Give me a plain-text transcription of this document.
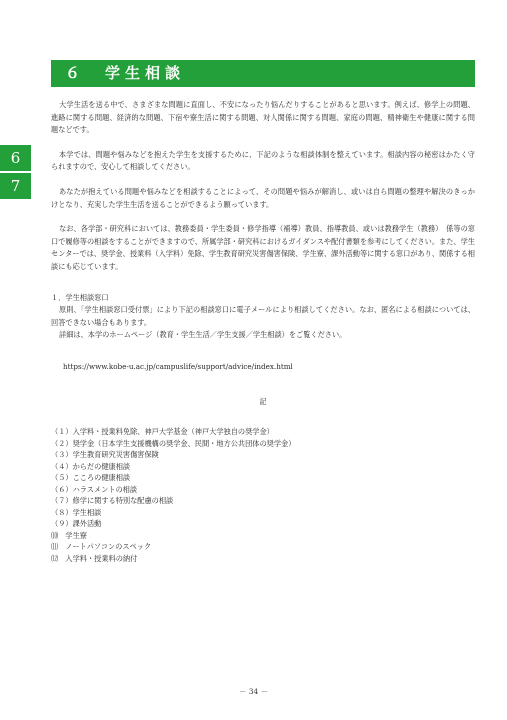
６　学生相談
6
7

大学生活を送る中で、さまざまな問題に直面し、不安になったり悩んだりすることがあると思います。例えば、修学上の問題、進路に関する問題、経済的な問題、下宿や寮生活に関する問題、対人関係に関する問題、家庭の問題、精神衛生や健康に関する問題などです。

本学では、問題や悩みなどを抱えた学生を支援するために、下記のような相談体制を整えています。相談内容の秘密はかたく守られますので、安心して相談してください。

あなたが抱えている問題や悩みなどを相談することによって、その問題や悩みが解消し、或いは自ら問題の整理や解決のきっかけとなり、充実した学生生活を送ることができるよう願っています。

なお、各学部・研究科においては、教務委員・学生委員・修学指導（補導）教員、指導教員、或いは教務学生（教務）　係等の窓口で履修等の相談をすることができますので、所属学部・研究科におけるガイダンスや配付書類を参考にしてください。また、学生センターでは、奨学金、授業料（入学料）免除、学生教育研究災害傷害保険、学生寮、課外活動等に関する窓口があり、関係する相談にも応じています。

１．学生相談窓口

原則、「学生相談窓口受付票」により下記の相談窓口に電子メールにより相談してください。なお、匿名による相談については、回答できない場合もあります。

詳細は、本学のホームページ（教育・学生生活／学生支援／学生相談）をご覧ください。

https://www.kobe-u.ac.jp/campuslife/support/advice/index.html
記
（１）入学料・授業料免除、神戸大学基金（神戸大学独自の奨学金）
（２）奨学金（日本学生支援機構の奨学金、民間・地方公共団体の奨学金）
（３）学生教育研究災害傷害保険
（４）からだの健康相談
（５）こころの健康相談
（６）ハラスメントの相談
（７）修学に関する特別な配慮の相談
（８）学生相談
（９）課外活動
⑽　学生寮
⑾　ノートパソコンのスペック
⑿　入学料・授業料の納付
－ 34 －
